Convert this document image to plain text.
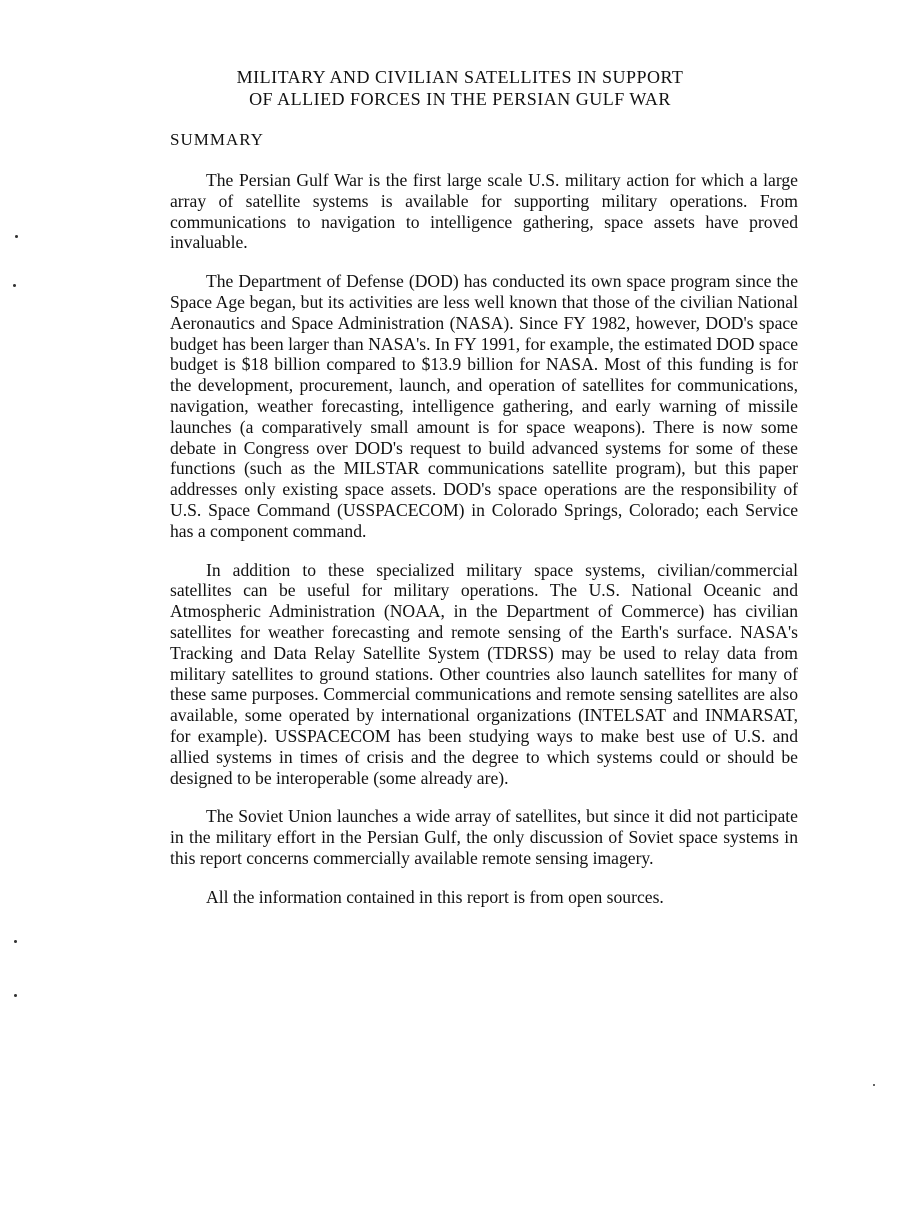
MILITARY AND CIVILIAN SATELLITES IN SUPPORT
OF ALLIED FORCES IN THE PERSIAN GULF WAR
SUMMARY

The Persian Gulf War is the first large scale U.S. military action for which a large array of satellite systems is available for supporting military operations. From communications to navigation to intelligence gathering, space assets have proved invaluable.

The Department of Defense (DOD) has conducted its own space program since the Space Age began, but its activities are less well known that those of the civilian National Aeronautics and Space Administration (NASA). Since FY 1982, however, DOD's space budget has been larger than NASA's. In FY 1991, for example, the estimated DOD space budget is $18 billion compared to $13.9 billion for NASA. Most of this funding is for the development, procurement, launch, and operation of satellites for communications, navigation, weather forecasting, intelligence gathering, and early warning of missile launches (a comparatively small amount is for space weapons). There is now some debate in Congress over DOD's request to build advanced systems for some of these functions (such as the MILSTAR communications satellite program), but this paper addresses only existing space assets. DOD's space operations are the responsibility of U.S. Space Command (USSPACECOM) in Colorado Springs, Colorado; each Service has a component command.

In addition to these specialized military space systems, civilian/commercial satellites can be useful for military operations. The U.S. National Oceanic and Atmospheric Administration (NOAA, in the Department of Commerce) has civilian satellites for weather forecasting and remote sensing of the Earth's surface. NASA's Tracking and Data Relay Satellite System (TDRSS) may be used to relay data from military satellites to ground stations. Other countries also launch satellites for many of these same purposes. Commercial communications and remote sensing satellites are also available, some operated by international organizations (INTELSAT and INMARSAT, for example). USSPACECOM has been studying ways to make best use of U.S. and allied systems in times of crisis and the degree to which systems could or should be designed to be interoperable (some already are).

The Soviet Union launches a wide array of satellites, but since it did not participate in the military effort in the Persian Gulf, the only discussion of Soviet space systems in this report concerns commercially available remote sensing imagery.

All the information contained in this report is from open sources.
